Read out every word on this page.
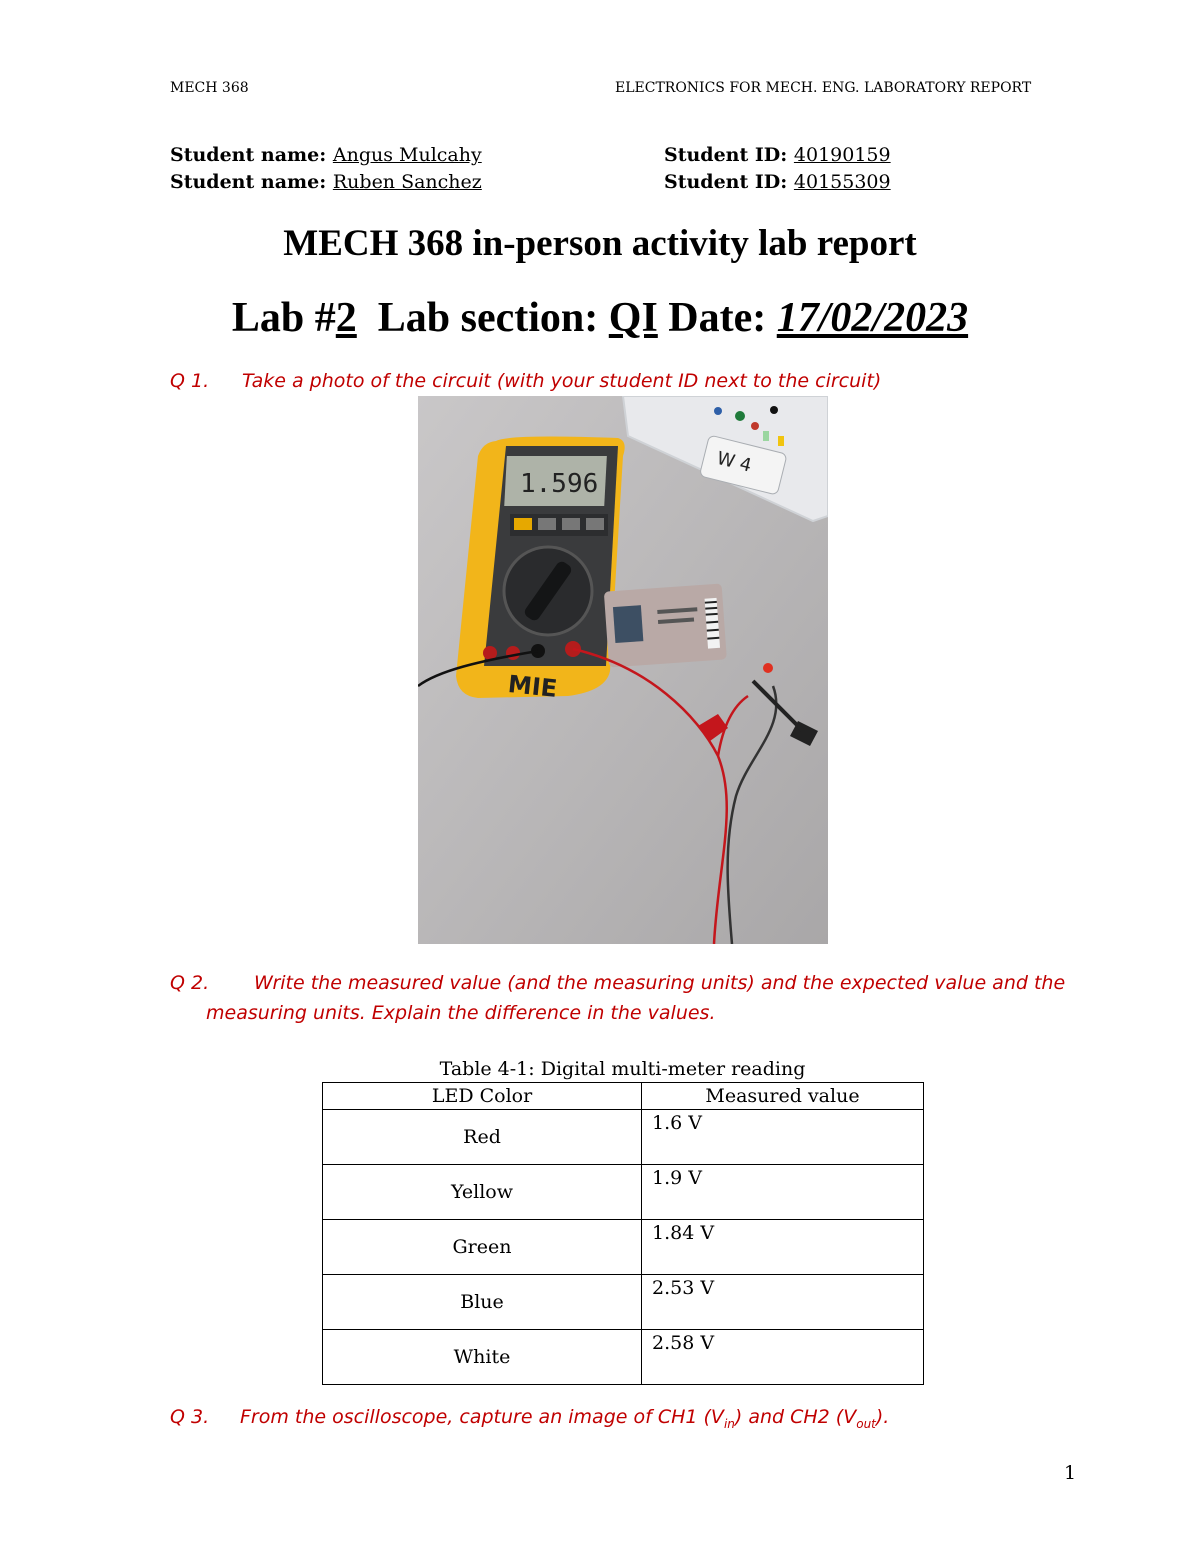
MECH 368	ELECTRONICS FOR MECH. ENG. LABORATORY REPORT
Student name: Angus Mulcahy	Student ID: 40190159
Student name: Ruben Sanchez	Student ID: 40155309
MECH 368 in-person activity lab report
Lab #2 Lab section: QI Date: 17/02/2023
Q 1. Take a photo of the circuit (with your student ID next to the circuit)
W 4
1.596
MIE
Q 2. Write the measured value (and the measuring units) and the expected value and the
measuring units. Explain the difference in the values.
Table 4-1: Digital multi-meter reading
LED Color	Measured value
Red	1.6 V
Yellow	1.9 V
Green	1.84 V
Blue	2.53 V
White	2.58 V
Q 3. From the oscilloscope, capture an image of CH1 $(V_{in})$ and CH2 $(V_{out})$.
1
